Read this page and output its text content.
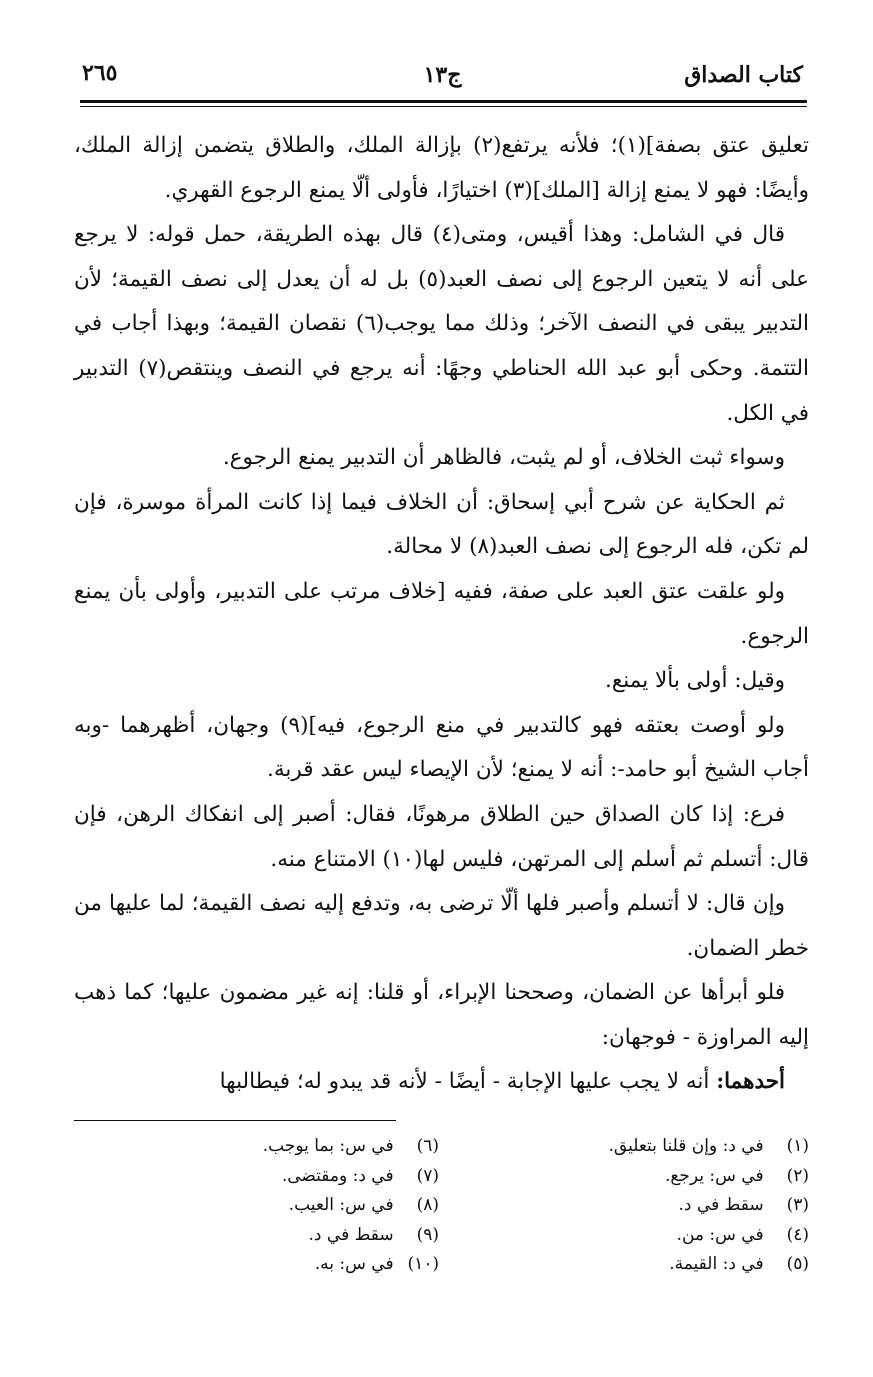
كتاب الصداق
ج١٣
٢٦٥

تعليق عتق بصفة](١)؛ فلأنه يرتفع(٢) بإزالة الملك، والطلاق يتضمن إزالة الملك، وأيضًا: فهو لا يمنع إزالة [الملك](٣) اختيارًا، فأولى ألّا يمنع الرجوع القهري.

قال في الشامل: وهذا أقيس، ومتى(٤) قال بهذه الطريقة، حمل قوله: لا يرجع على أنه لا يتعين الرجوع إلى نصف العبد(٥) بل له أن يعدل إلى نصف القيمة؛ لأن التدبير يبقى في النصف الآخر؛ وذلك مما يوجب(٦) نقصان القيمة؛ وبهذا أجاب في التتمة. وحكى أبو عبد الله الحناطي وجهًا: أنه يرجع في النصف وينتقص(٧) التدبير في الكل.

وسواء ثبت الخلاف، أو لم يثبت، فالظاهر أن التدبير يمنع الرجوع.

ثم الحكاية عن شرح أبي إسحاق: أن الخلاف فيما إذا كانت المرأة موسرة، فإن لم تكن، فله الرجوع إلى نصف العبد(٨) لا محالة.

ولو علقت عتق العبد على صفة، ففيه [خلاف مرتب على التدبير، وأولى بأن يمنع الرجوع.

وقيل: أولى بألا يمنع.

ولو أوصت بعتقه فهو كالتدبير في منع الرجوع، فيه](٩) وجهان، أظهرهما -وبه أجاب الشيخ أبو حامد-: أنه لا يمنع؛ لأن الإيصاء ليس عقد قربة.

فرع: إذا كان الصداق حين الطلاق مرهونًا، فقال: أصبر إلى انفكاك الرهن، فإن قال: أتسلم ثم أسلم إلى المرتهن، فليس لها(١٠) الامتناع منه.

وإن قال: لا أتسلم وأصبر فلها ألّا ترضى به، وتدفع إليه نصف القيمة؛ لما عليها من خطر الضمان.

فلو أبرأها عن الضمان، وصححنا الإبراء، أو قلنا: إنه غير مضمون عليها؛ كما ذهب إليه المراوزة - فوجهان:

أحدهما: أنه لا يجب عليها الإجابة - أيضًا - لأنه قد يبدو له؛ فيطالبها

(١) في د: وإن قلنا بتعليق.
(٢) في س: يرجع.
(٣) سقط في د.
(٤) في س: من.
(٥) في د: القيمة.
(٦) في س: بما يوجب.
(٧) في د: ومقتضى.
(٨) في س: العيب.
(٩) سقط في د.
(١٠) في س: به.
